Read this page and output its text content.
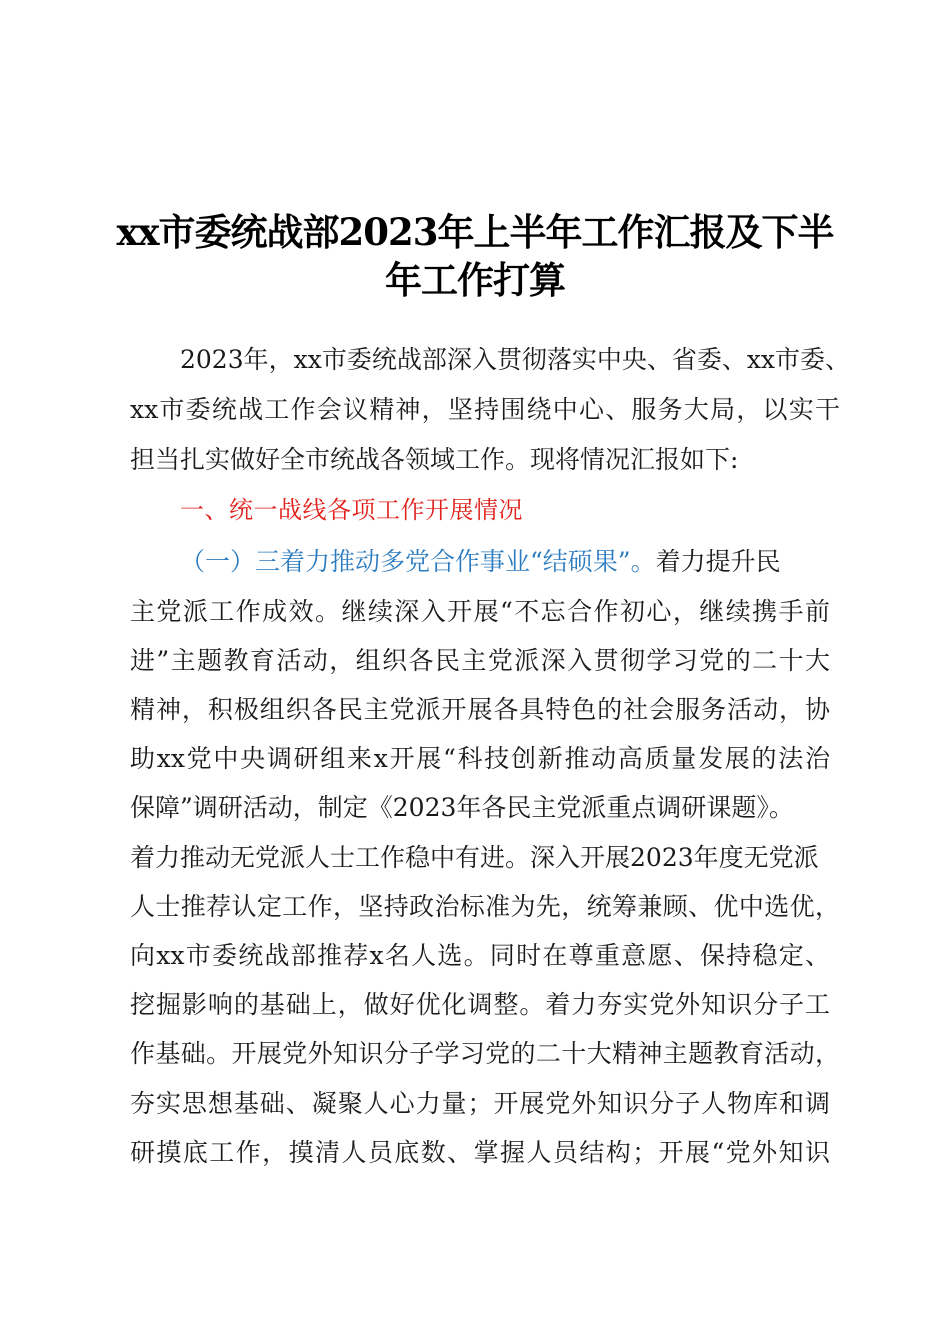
xx市委统战部2023年上半年工作汇报及下半
年工作打算
2023年，xx市委统战部深入贯彻落实中央、省委、xx市委、
xx市委统战工作会议精神，坚持围绕中心、服务大局，以实干
担当扎实做好全市统战各领域工作。现将情况汇报如下:
一、统一战线各项工作开展情况
（一）三着力推动多党合作事业“结硕果”。着力提升民
主党派工作成效。继续深入开展“不忘合作初心，继续携手前
进”主题教育活动，组织各民主党派深入贯彻学习党的二十大
精神，积极组织各民主党派开展各具特色的社会服务活动，协
助xx党中央调研组来x开展“科技创新推动高质量发展的法治
保障”调研活动，制定《2023年各民主党派重点调研课题》。
着力推动无党派人士工作稳中有进。深入开展2023年度无党派
人士推荐认定工作，坚持政治标准为先，统筹兼顾、优中选优，
向xx市委统战部推荐x名人选。同时在尊重意愿、保持稳定、
挖掘影响的基础上，做好优化调整。着力夯实党外知识分子工
作基础。开展党外知识分子学习党的二十大精神主题教育活动，
夯实思想基础、凝聚人心力量；开展党外知识分子人物库和调
研摸底工作，摸清人员底数、掌握人员结构；开展“党外知识
